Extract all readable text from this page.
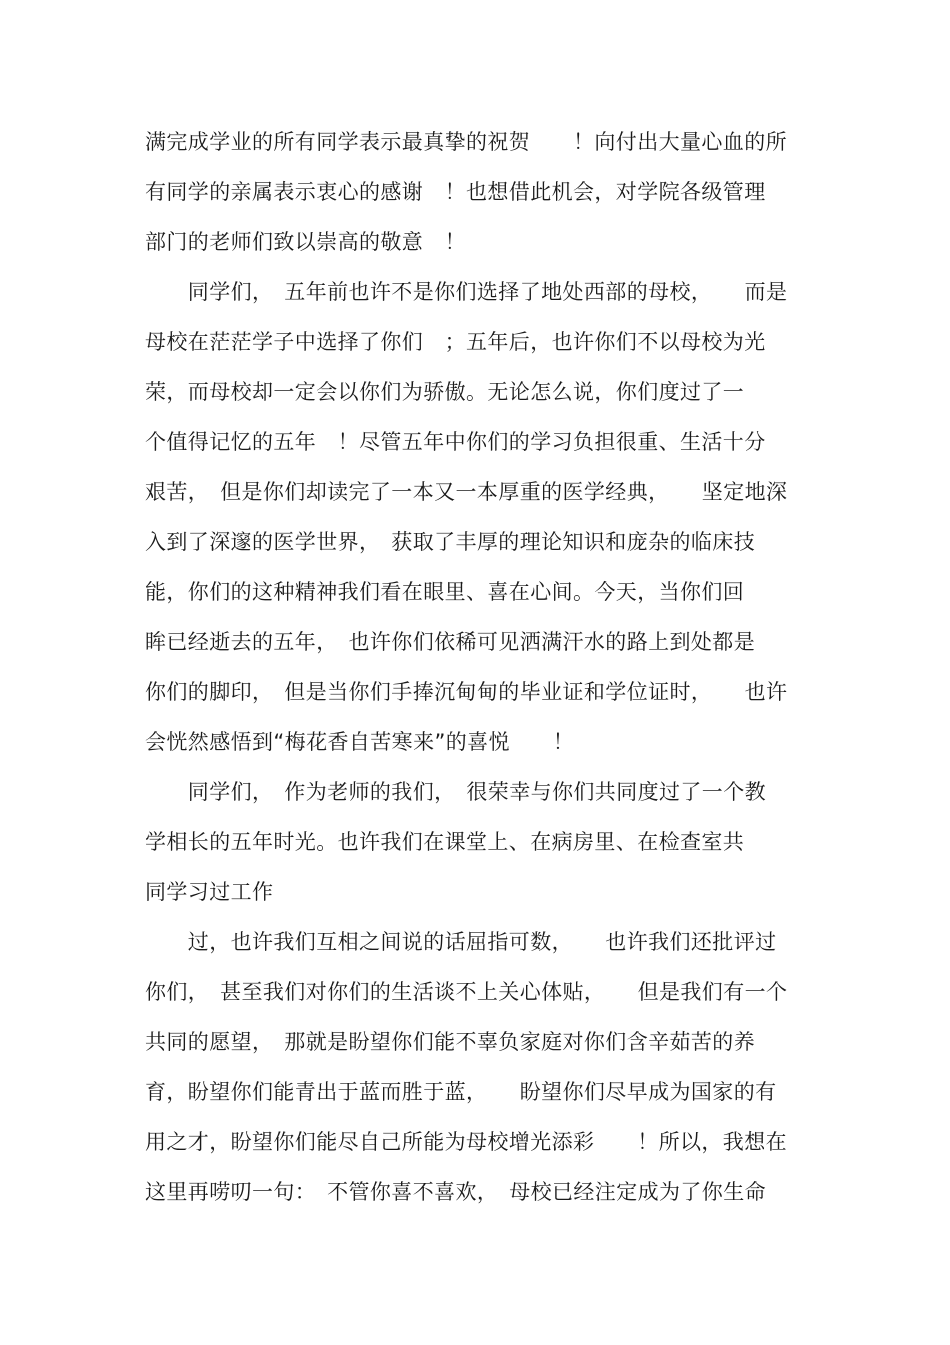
满完成学业的所有同学表示最真挚的祝贺　　！向付出大量心血的所
有同学的亲属表示衷心的感谢　！也想借此机会，对学院各级管理
部门的老师们致以崇高的敬意　！
　　同学们，　五年前也许不是你们选择了地处西部的母校，　　而是
母校在茫茫学子中选择了你们　；五年后，也许你们不以母校为光
荣，而母校却一定会以你们为骄傲。无论怎么说，你们度过了一
个值得记忆的五年　！尽管五年中你们的学习负担很重、生活十分
艰苦，　但是你们却读完了一本又一本厚重的医学经典，　　坚定地深
入到了深邃的医学世界，　获取了丰厚的理论知识和庞杂的临床技
能，你们的这种精神我们看在眼里、喜在心间。今天，当你们回
眸已经逝去的五年，　也许你们依稀可见洒满汗水的路上到处都是
你们的脚印，　但是当你们手捧沉甸甸的毕业证和学位证时，　　也许
会恍然感悟到“梅花香自苦寒来”的喜悦　　！
　　同学们，　作为老师的我们，　很荣幸与你们共同度过了一个教
学相长的五年时光。也许我们在课堂上、在病房里、在检查室共
同学习过工作
　　过，也许我们互相之间说的话屈指可数，　　也许我们还批评过
你们，　甚至我们对你们的生活谈不上关心体贴，　　但是我们有一个
共同的愿望，　那就是盼望你们能不辜负家庭对你们含辛茹苦的养
育，盼望你们能青出于蓝而胜于蓝，　　盼望你们尽早成为国家的有
用之才，盼望你们能尽自己所能为母校增光添彩　　！所以，我想在
这里再唠叨一句：　不管你喜不喜欢，　母校已经注定成为了你生命
